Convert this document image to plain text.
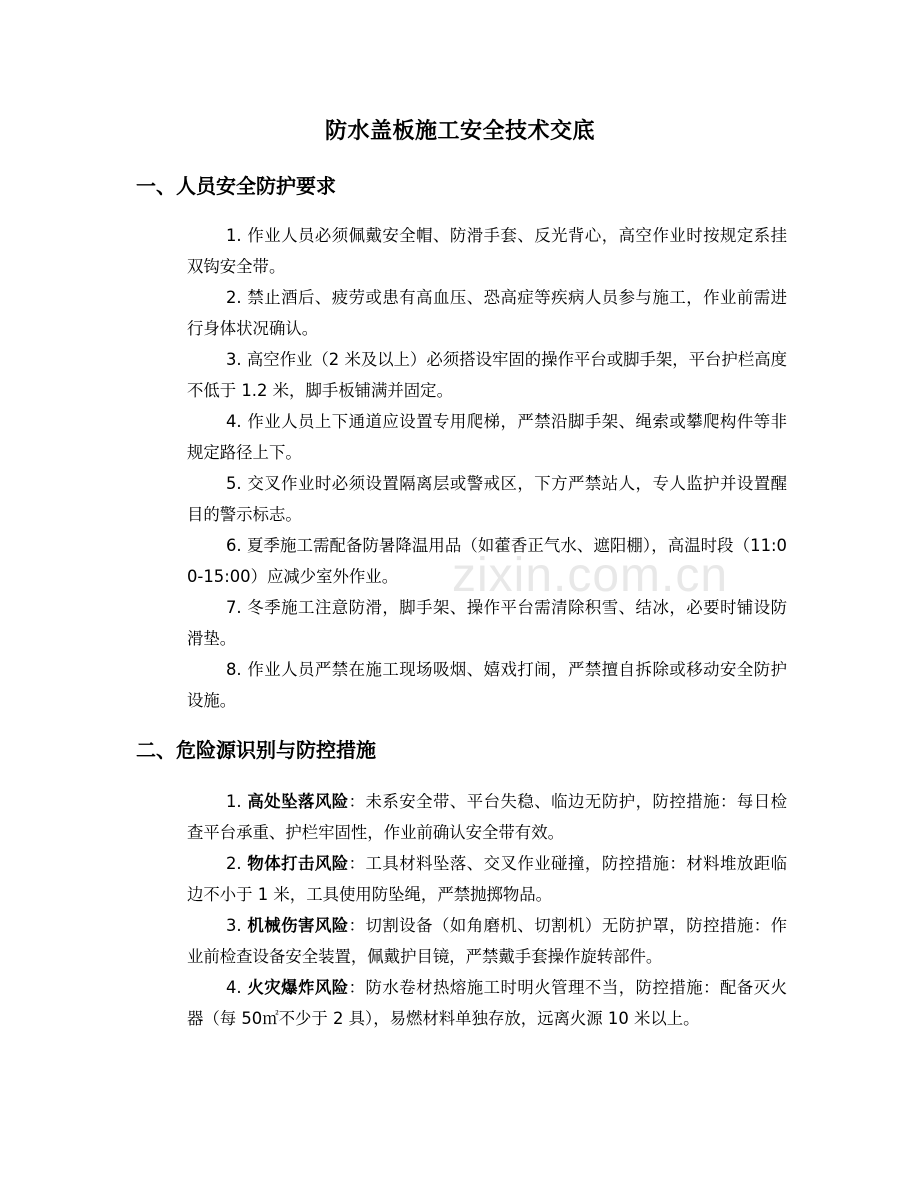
zixin.com.cn
防水盖板施工安全技术交底
一、人员安全防护要求
1. 作业人员必须佩戴安全帽、防滑手套、反光背心，高空作业时按规定系挂双钩安全带。
2. 禁止酒后、疲劳或患有高血压、恐高症等疾病人员参与施工，作业前需进行身体状况确认。
3. 高空作业（2 米及以上）必须搭设牢固的操作平台或脚手架，平台护栏高度不低于 1.2 米，脚手板铺满并固定。
4. 作业人员上下通道应设置专用爬梯，严禁沿脚手架、绳索或攀爬构件等非规定路径上下。
5. 交叉作业时必须设置隔离层或警戒区，下方严禁站人，专人监护并设置醒目的警示标志。
6. 夏季施工需配备防暑降温用品（如藿香正气水、遮阳棚），高温时段（11:00-15:00）应减少室外作业。
7. 冬季施工注意防滑，脚手架、操作平台需清除积雪、结冰，必要时铺设防滑垫。
8. 作业人员严禁在施工现场吸烟、嬉戏打闹，严禁擅自拆除或移动安全防护设施。
二、危险源识别与防控措施
1. 高处坠落风险：未系安全带、平台失稳、临边无防护，防控措施：每日检查平台承重、护栏牢固性，作业前确认安全带有效。
2. 物体打击风险：工具材料坠落、交叉作业碰撞，防控措施：材料堆放距临边不小于 1 米，工具使用防坠绳，严禁抛掷物品。
3. 机械伤害风险：切割设备（如角磨机、切割机）无防护罩，防控措施：作业前检查设备安全装置，佩戴护目镜，严禁戴手套操作旋转部件。
4. 火灾爆炸风险：防水卷材热熔施工时明火管理不当，防控措施：配备灭火器（每 50㎡不少于 2 具），易燃材料单独存放，远离火源 10 米以上。
